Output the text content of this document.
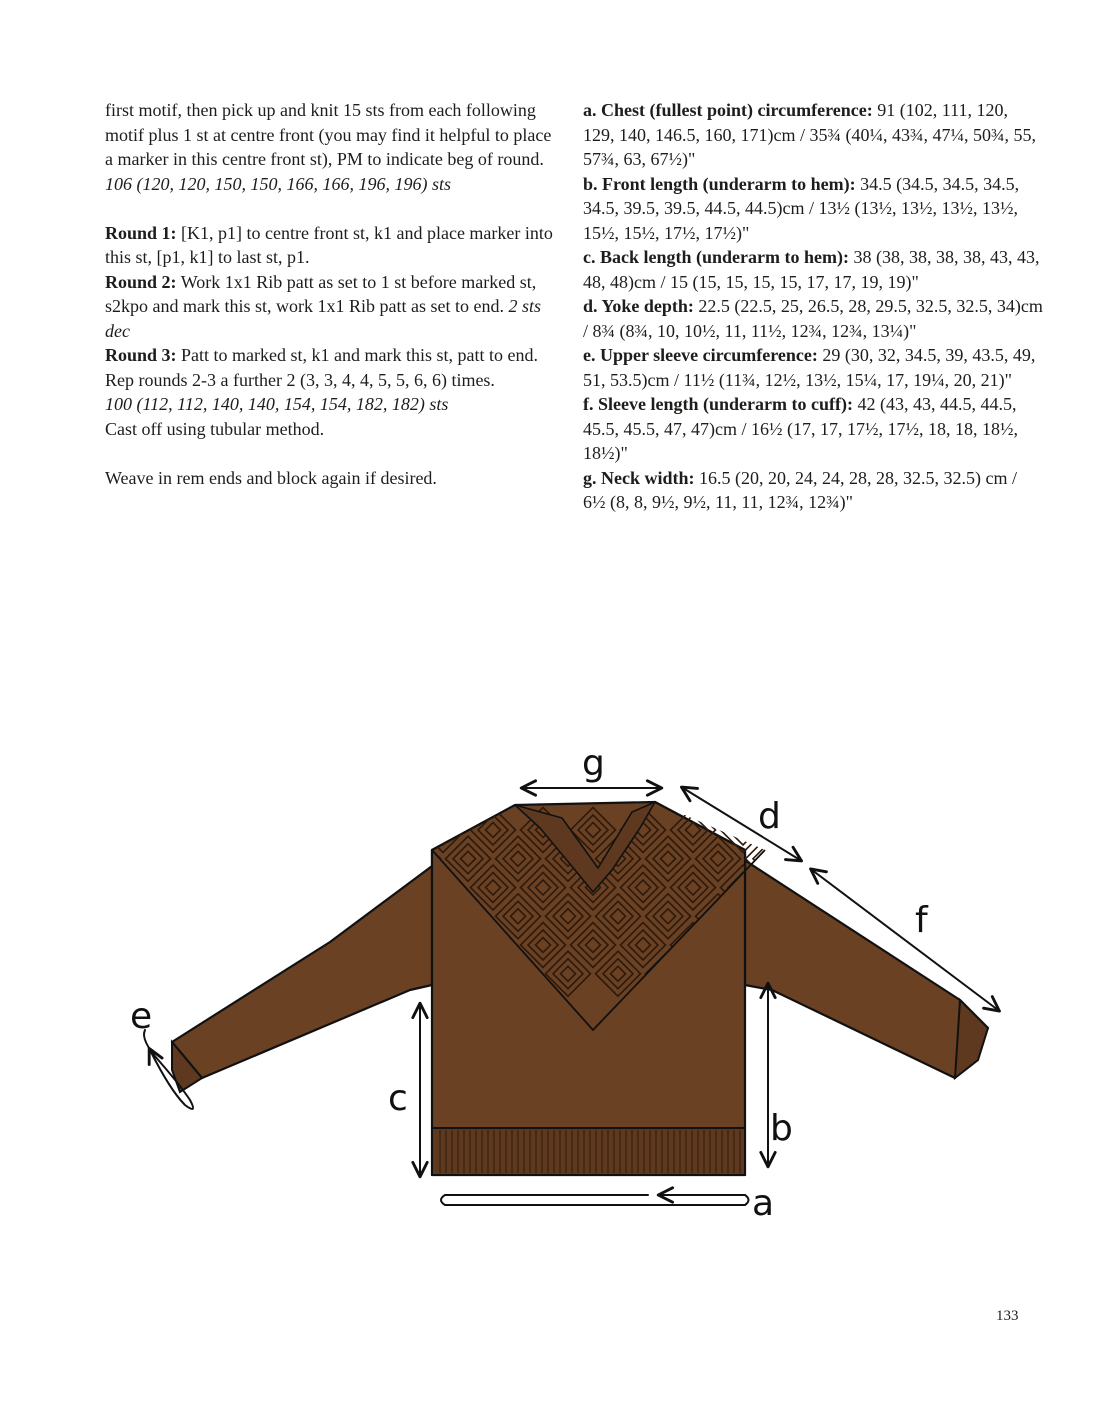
first motif, then pick up and knit 15 sts from each following motif plus 1 st at centre front (you may find it helpful to place a marker in this centre front st), PM to indicate beg of round. 106 (120, 120, 150, 150, 166, 166, 196, 196) sts

Round 1: [K1, p1] to centre front st, k1 and place marker into this st, [p1, k1] to last st, p1.

Round 2: Work 1x1 Rib patt as set to 1 st before marked st, s2kpo and mark this st, work 1x1 Rib patt as set to end. 2 sts dec

Round 3: Patt to marked st, k1 and mark this st, patt to end.

Rep rounds 2-3 a further 2 (3, 3, 4, 4, 5, 5, 6, 6) times.

100 (112, 112, 140, 140, 154, 154, 182, 182) sts

Cast off using tubular method.

Weave in rem ends and block again if desired.

a. Chest (fullest point) circumference: 91 (102, 111, 120, 129, 140, 146.5, 160, 171)cm / 35¾ (40¼, 43¾, 47¼, 50¾, 55, 57¾, 63, 67½)"

b. Front length (underarm to hem): 34.5 (34.5, 34.5, 34.5, 34.5, 39.5, 39.5, 44.5, 44.5)cm / 13½ (13½, 13½, 13½, 13½, 15½, 15½, 17½, 17½)"

c. Back length (underarm to hem): 38 (38, 38, 38, 38, 43, 43, 48, 48)cm / 15 (15, 15, 15, 15, 17, 17, 19, 19)"

d. Yoke depth: 22.5 (22.5, 25, 26.5, 28, 29.5, 32.5, 32.5, 34)cm / 8¾ (8¾, 10, 10½, 11, 11½, 12¾, 12¾, 13¼)"

e. Upper sleeve circumference: 29 (30, 32, 34.5, 39, 43.5, 49, 51, 53.5)cm / 11½ (11¾, 12½, 13½, 15¼, 17, 19¼, 20, 21)"

f. Sleeve length (underarm to cuff): 42 (43, 43, 44.5, 44.5, 45.5, 45.5, 47, 47)cm / 16½ (17, 17, 17½, 17½, 18, 18, 18½, 18½)"

g. Neck width: 16.5 (20, 20, 24, 24, 28, 28, 32.5, 32.5) cm / 6½ (8, 8, 9½, 9½, 11, 11, 12¾, 12¾)"

g
d
f
e
c
b
a
133
